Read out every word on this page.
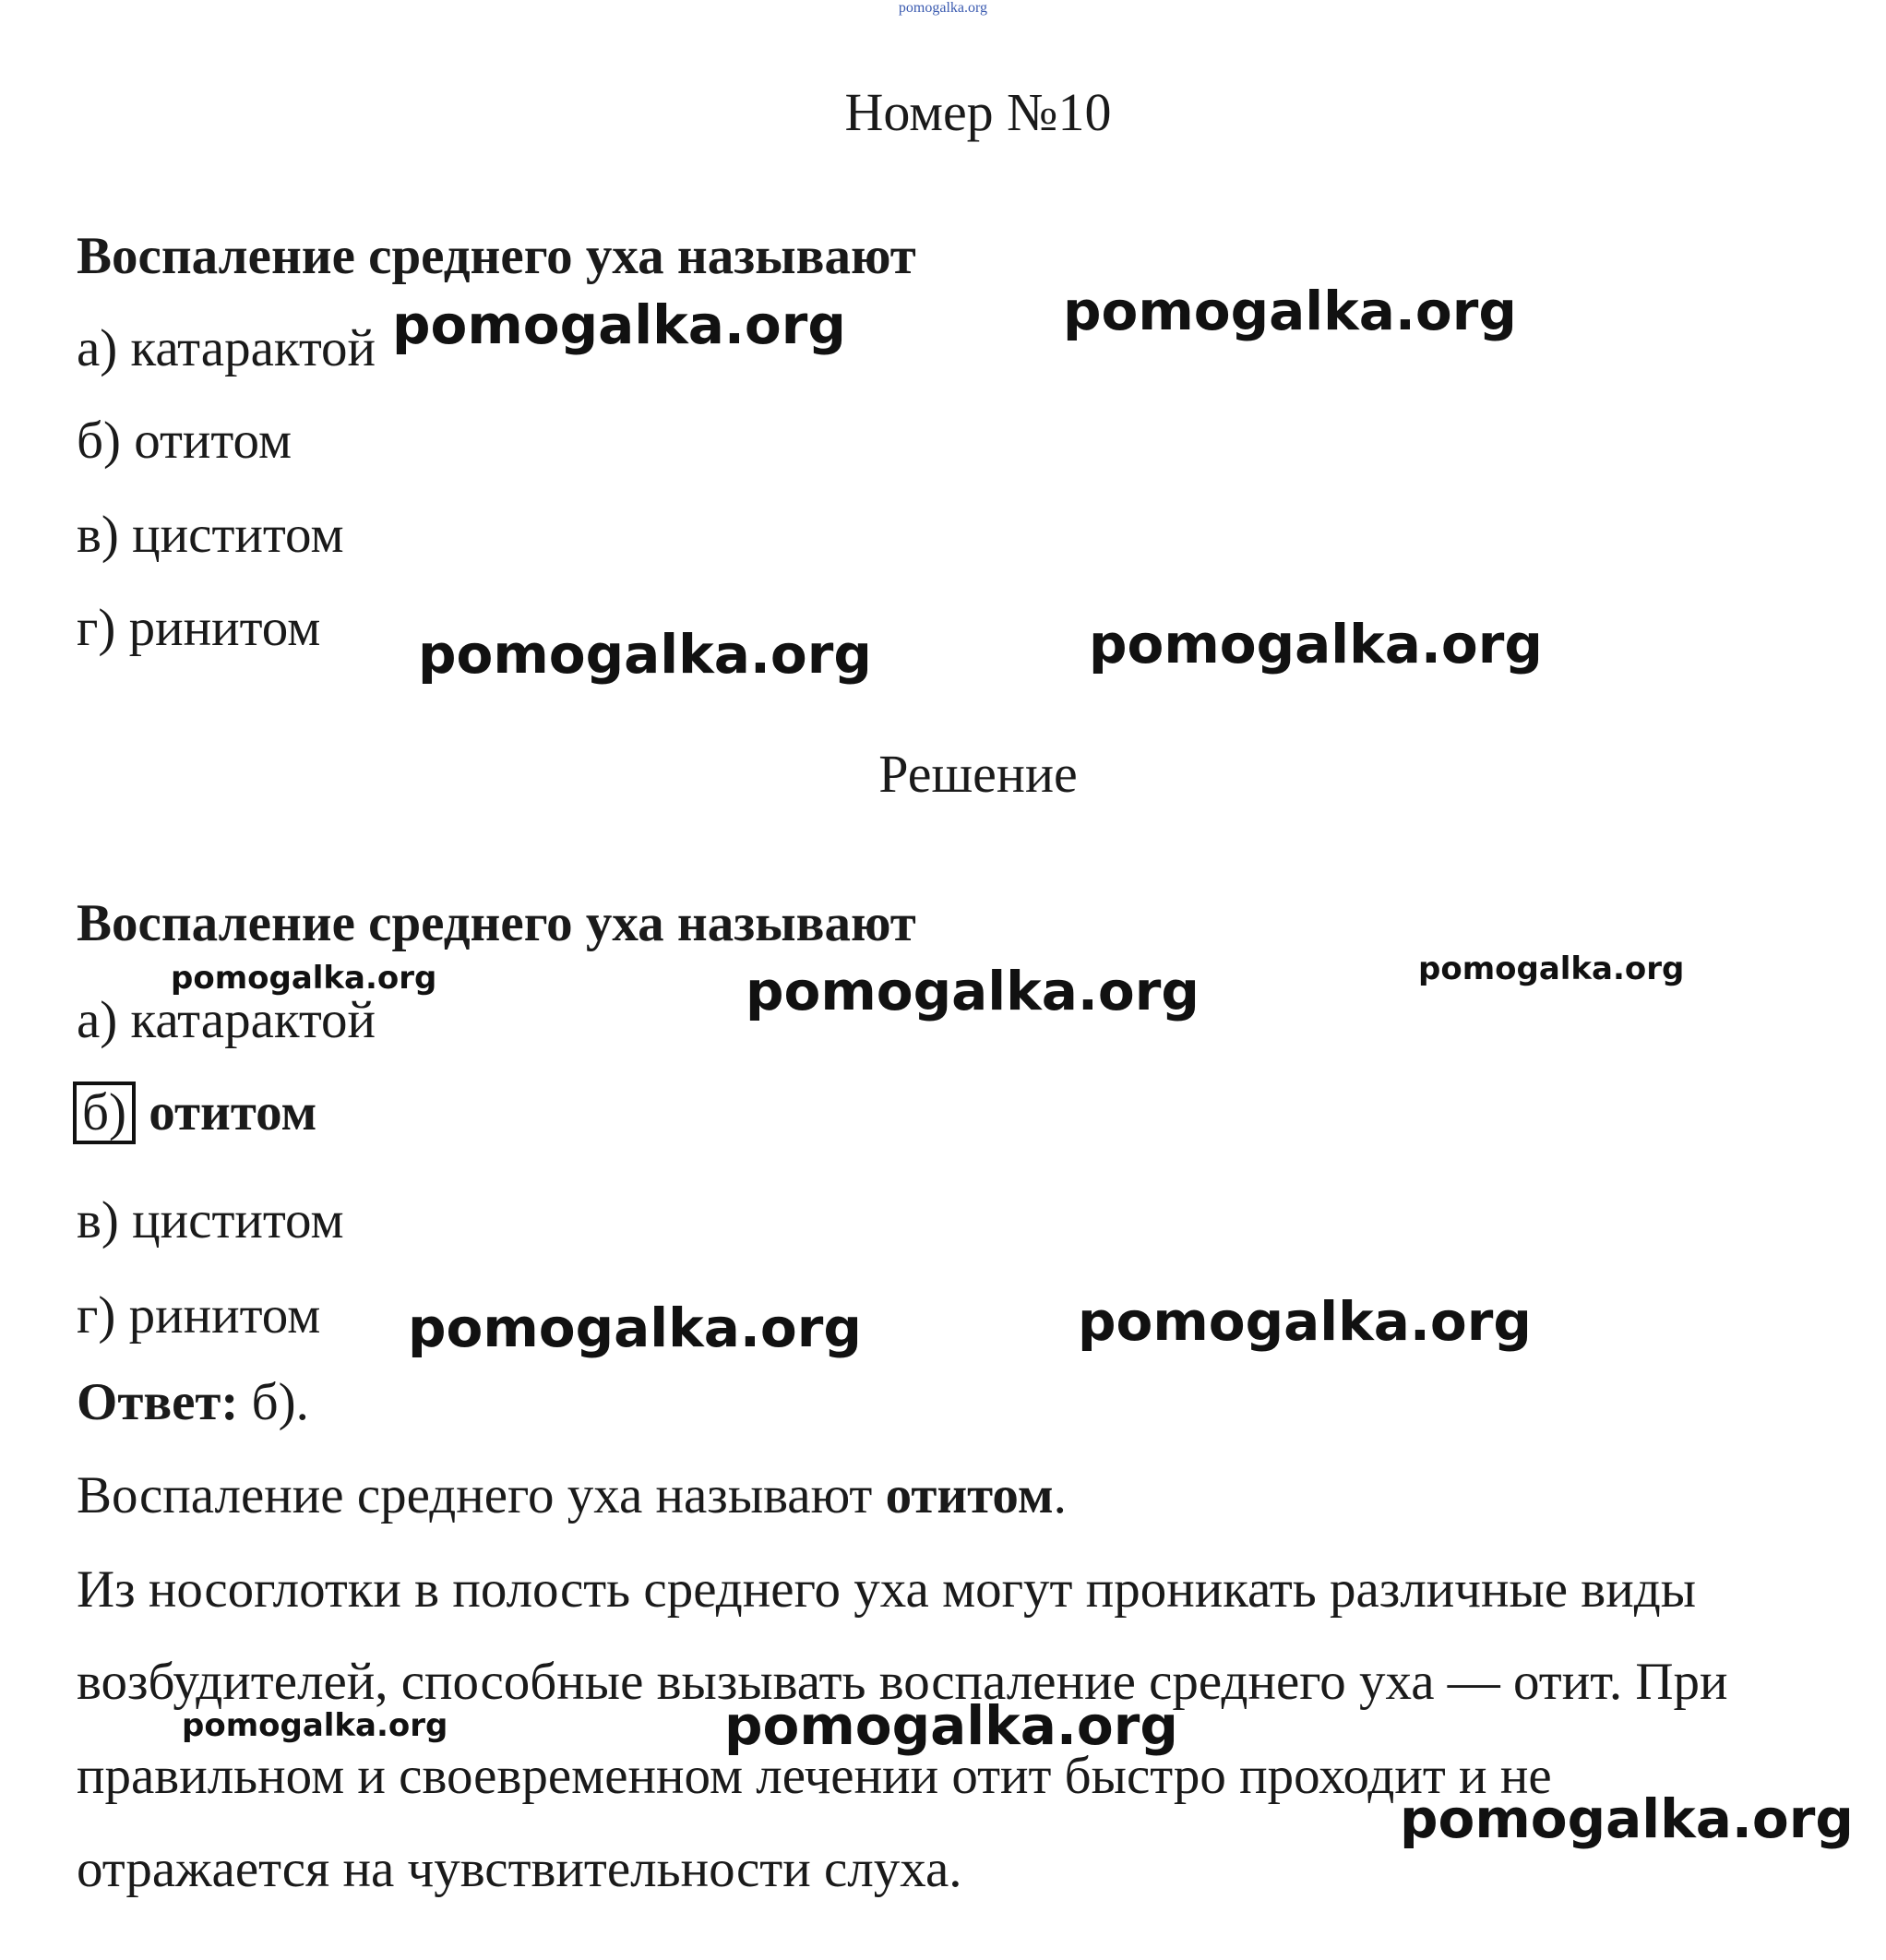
pomogalka.org
Номер №10
Воспаление среднего уха называют
а) катарактой
б) отитом
в) циститом
г) ринитом
Решение
Воспаление среднего уха называют
а) катарактой
б) отитом
в) циститом
г) ринитом
Ответ: б).
Воспаление среднего уха называют отитом.
Из носоглотки в полость среднего уха могут проникать различные виды
возбудителей, способные вызывать воспаление среднего уха — отит. При
правильном и своевременном лечении отит быстро проходит и не
отражается на чувствительности слуха.
pomogalka.org	pomogalka.org
pomogalka.org	pomogalka.org
pomogalka.org	pomogalka.org	pomogalka.org
pomogalka.org	pomogalka.org
pomogalka.org	pomogalka.org
pomogalka.org
